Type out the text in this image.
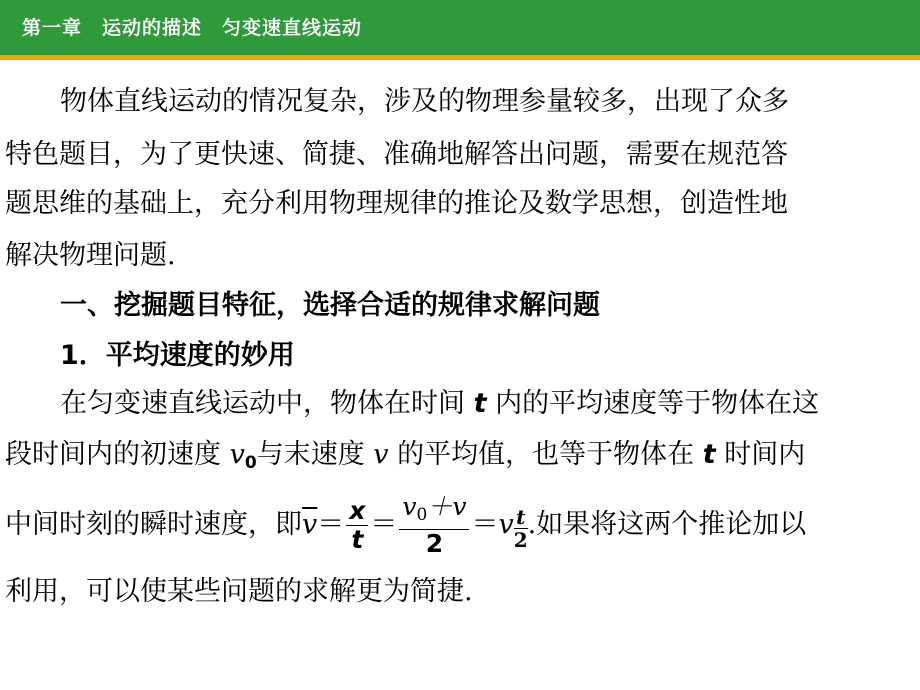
第一章　运动的描述　匀变速直线运动
物体直线运动的情况复杂，涉及的物理参量较多，出现了众多
特色题目，为了更快速、简捷、准确地解答出问题，需要在规范答
题思维的基础上，充分利用物理规律的推论及数学思想，创造性地
解决物理问题.
一、挖掘题目特征，选择合适的规律求解问题
1．平均速度的妙用
在匀变速直线运动中，物体在时间 t 内的平均速度等于物体在这
段时间内的初速度 $v_0$与末速度 v 的平均值，也等于物体在 t 时间内
中间时刻的瞬时速度，即$\overline{v}= \frac{x}{t} = \frac{v_0+v}{2} =v \frac{t}{2}$ .如果将这两个推论加以
利用，可以使某些问题的求解更为简捷.
